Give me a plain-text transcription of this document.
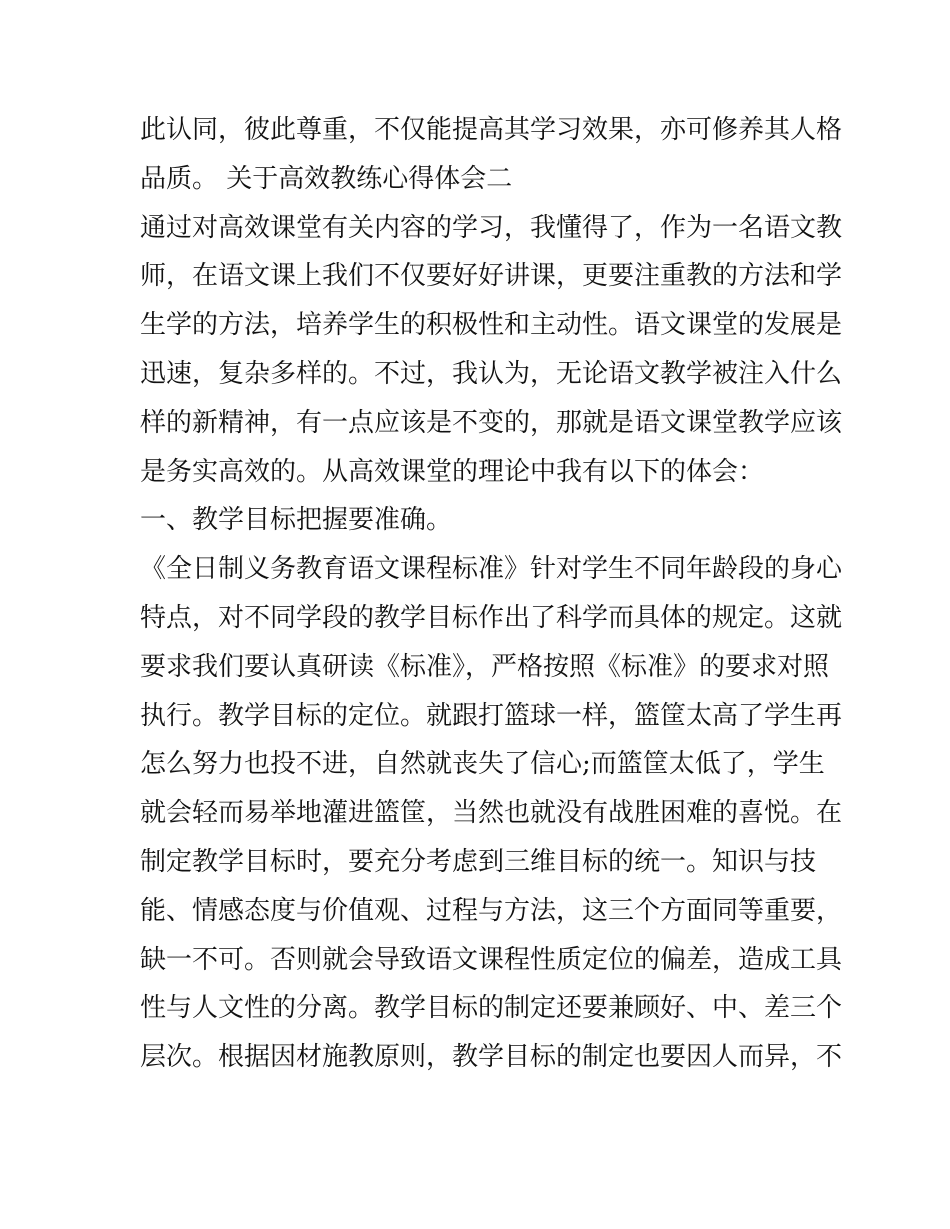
此认同，彼此尊重，不仅能提高其学习效果，亦可修养其人格
品质。 关于高效教练心得体会二
通过对高效课堂有关内容的学习，我懂得了，作为一名语文教
师，在语文课上我们不仅要好好讲课，更要注重教的方法和学
生学的方法，培养学生的积极性和主动性。语文课堂的发展是
迅速，复杂多样的。不过，我认为，无论语文教学被注入什么
样的新精神，有一点应该是不变的，那就是语文课堂教学应该
是务实高效的。从高效课堂的理论中我有以下的体会：
一、教学目标把握要准确。
《全日制义务教育语文课程标准》针对学生不同年龄段的身心
特点，对不同学段的教学目标作出了科学而具体的规定。这就
要求我们要认真研读《标准》，严格按照《标准》的要求对照
执行。教学目标的定位。就跟打篮球一样，篮筐太高了学生再
怎么努力也投不进，自然就丧失了信心;而篮筐太低了，学生
就会轻而易举地灌进篮筐，当然也就没有战胜困难的喜悦。在
制定教学目标时，要充分考虑到三维目标的统一。知识与技
能、情感态度与价值观、过程与方法，这三个方面同等重要，
缺一不可。否则就会导致语文课程性质定位的偏差，造成工具
性与人文性的分离。教学目标的制定还要兼顾好、中、差三个
层次。根据因材施教原则，教学目标的制定也要因人而异，不
